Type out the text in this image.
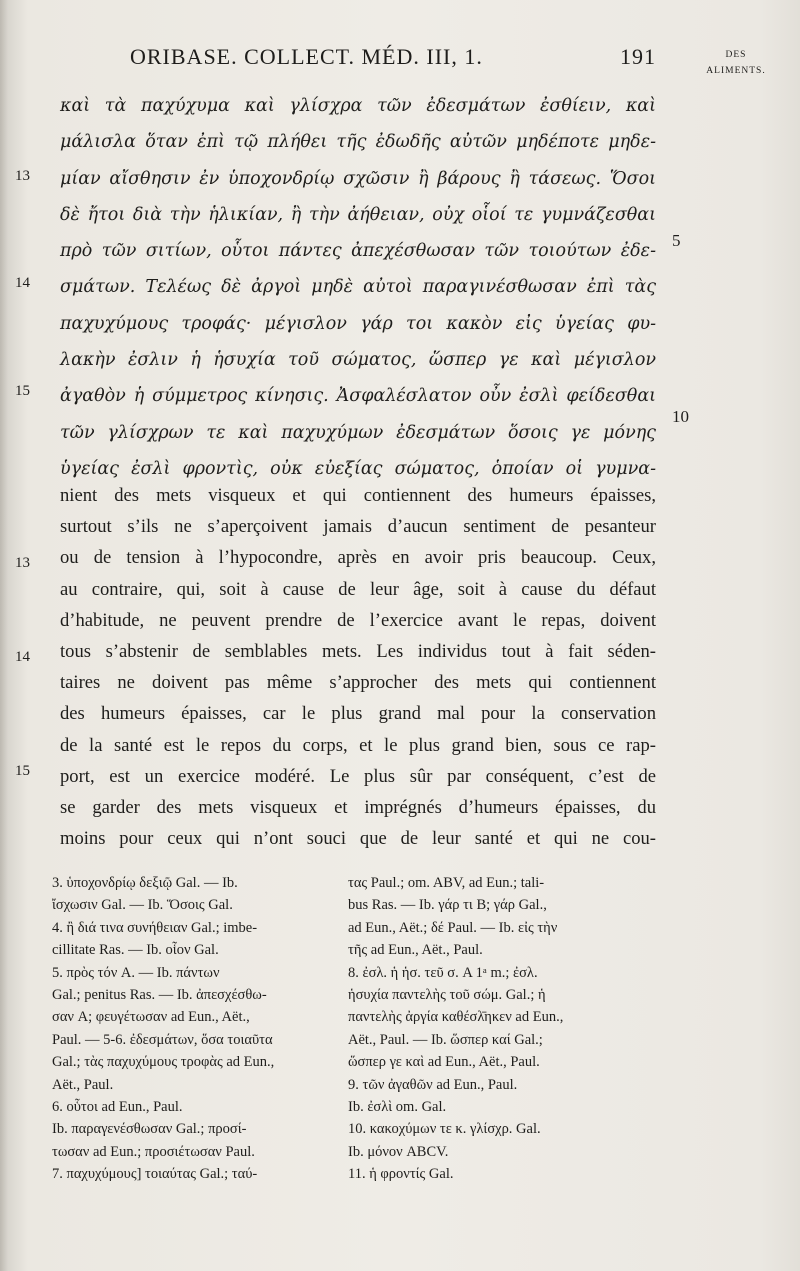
ORIBASE. COLLECT. MÉD. III, 1.	191	DES
ALIMENTS.
καὶ τὰ παχύχυμα καὶ γλίσχρα τῶν ἐδεσμάτων ἐσθίειν, καὶ
μάλισλα ὅταν ἐπὶ τῷ πλήθει τῆς ἐδωδῆς αὐτῶν μηδέποτε μηδε-
μίαν αἴσθησιν ἐν ὑποχονδρίῳ σχῶσιν ἢ βάρους ἢ τάσεως. Ὅσοι
δὲ ἤτοι διὰ τὴν ἡλικίαν, ἢ τὴν ἀήθειαν, οὐχ οἷοί τε γυμνάζεσθαι
πρὸ τῶν σιτίων, οὗτοι πάντες ἀπεχέσθωσαν τῶν τοιούτων ἐδε-
σμάτων. Τελέως δὲ ἀργοὶ μηδὲ αὐτοὶ παραγινέσθωσαν ἐπὶ τὰς
παχυχύμους τροφάς· μέγισλον γάρ τοι κακὸν εἰς ὑγείας φυ-
λακὴν ἐσλιν ἡ ἡσυχία τοῦ σώματος, ὥσπερ γε καὶ μέγισλον
ἀγαθὸν ἡ σύμμετρος κίνησις. Ἀσφαλέσλατον οὖν ἐσλὶ φείδεσθαι
τῶν γλίσχρων τε καὶ παχυχύμων ἐδεσμάτων ὅσοις γε μόνης
ὑγείας ἐσλὶ φροντὶς, οὐκ εὐεξίας σώματος, ὁποίαν οἱ γυμνα-
13
14
15
5
10
nient des mets visqueux et qui contiennent des humeurs épaisses,
surtout s’ils ne s’aperçoivent jamais d’aucun sentiment de pesanteur
ou de tension à l’hypocondre, après en avoir pris beaucoup. Ceux,
au contraire, qui, soit à cause de leur âge, soit à cause du défaut
d’habitude, ne peuvent prendre de l’exercice avant le repas, doivent
tous s’abstenir de semblables mets. Les individus tout à fait séden-
taires ne doivent pas même s’approcher des mets qui contiennent
des humeurs épaisses, car le plus grand mal pour la conservation
de la santé est le repos du corps, et le plus grand bien, sous ce rap-
port, est un exercice modéré. Le plus sûr par conséquent, c’est de
se garder des mets visqueux et imprégnés d’humeurs épaisses, du
moins pour ceux qui n’ont souci que de leur santé et qui ne cou-
13
14
15
3. ὑποχονδρίῳ δεξιῷ Gal. — Ib.
ἴσχωσιν Gal. — Ib. Ὅσοις Gal.
4. ἢ διά τινα συνήθειαν Gal.; imbe-
cillitate Ras. — Ib. οἷον Gal.
5. πρὸς τόν A. — Ib. πάντων
Gal.; penitus Ras. — Ib. ἀπεσχέσθω-
σαν A; φευγέτωσαν ad Eun., Aët.,
Paul. — 5-6. ἐδεσμάτων, ὅσα τοιαῦτα
Gal.; τὰς παχυχύμους τροφὰς ad Eun.,
Aët., Paul.
6. οὗτοι ad Eun., Paul.
Ib. παραγενέσθωσαν Gal.; προσί-
τωσαν ad Eun.; προσιέτωσαν Paul.
7. παχυχύμους] τοιαύτας Gal.; ταύ-
τας Paul.; om. ABV, ad Eun.; tali-
bus Ras. — Ib. γάρ τι B; γάρ Gal.,
ad Eun., Aët.; δέ Paul. — Ib. εἰς τὴν
τῆς ad Eun., Aët., Paul.
8. ἐσλ. ἡ ἡσ. τεῦ σ. A 1ᵃ m.; ἐσλ.
ἡσυχία παντελὴς τοῦ σώμ. Gal.; ἡ
παντελὴς ἀργία καθέσλ̄ηκεν ad Eun.,
Aët., Paul. — Ib. ὥσπερ καί Gal.;
ὥσπερ γε καὶ ad Eun., Aët., Paul.
9. τῶν ἀγαθῶν ad Eun., Paul.
Ib. ἐσλὶ om. Gal.
10. κακοχύμων τε κ. γλίσχρ. Gal.
Ib. μόνον ABCV.
11. ἡ φροντίς Gal.
